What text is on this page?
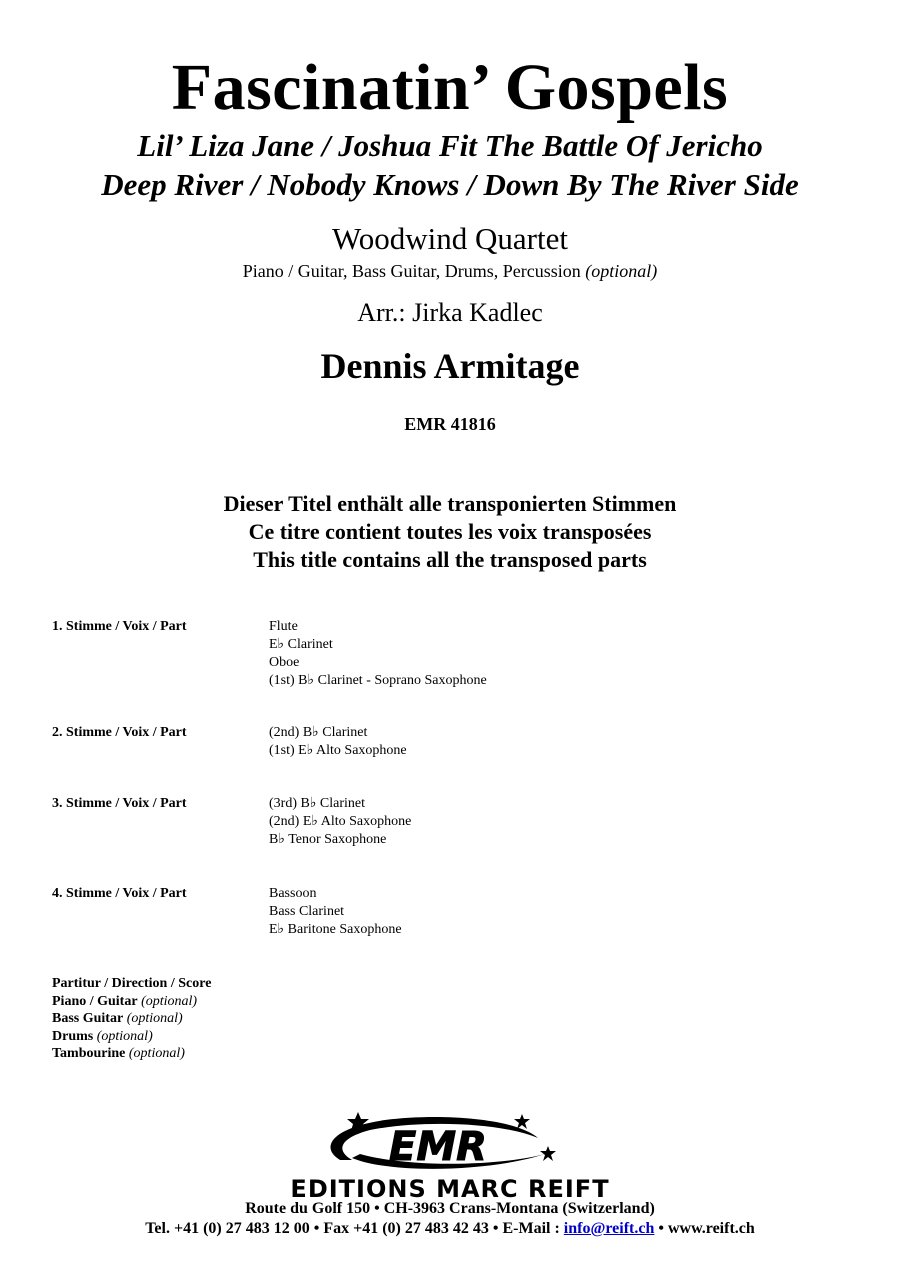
Fascinatin’ Gospels
Lil’ Liza Jane / Joshua Fit The Battle Of Jericho
Deep River / Nobody Knows / Down By The River Side
Woodwind Quartet
Piano / Guitar, Bass Guitar, Drums, Percussion (optional)
Arr.: Jirka Kadlec
Dennis Armitage
EMR 41816
Dieser Titel enthält alle transponierten Stimmen
Ce titre contient toutes les voix transposées
This title contains all the transposed parts
1. Stimme / Voix / Part	Flute
E♭ Clarinet
Oboe
(1st) B♭ Clarinet - Soprano Saxophone
2. Stimme / Voix / Part	(2nd) B♭ Clarinet
(1st) E♭ Alto Saxophone
3. Stimme / Voix / Part	(3rd) B♭ Clarinet
(2nd) E♭ Alto Saxophone
B♭ Tenor Saxophone
4. Stimme / Voix / Part	Bassoon
Bass Clarinet
E♭ Baritone Saxophone
Partitur / Direction / Score
Piano / Guitar (optional)
Bass Guitar (optional)
Drums (optional)
Tambourine (optional)
EMR
EDITIONS MARC REIFT
Route du Golf 150 • CH-3963 Crans-Montana (Switzerland)
Tel. +41 (0) 27 483 12 00 • Fax +41 (0) 27 483 42 43 • E-Mail : info@reift.ch • www.reift.ch
